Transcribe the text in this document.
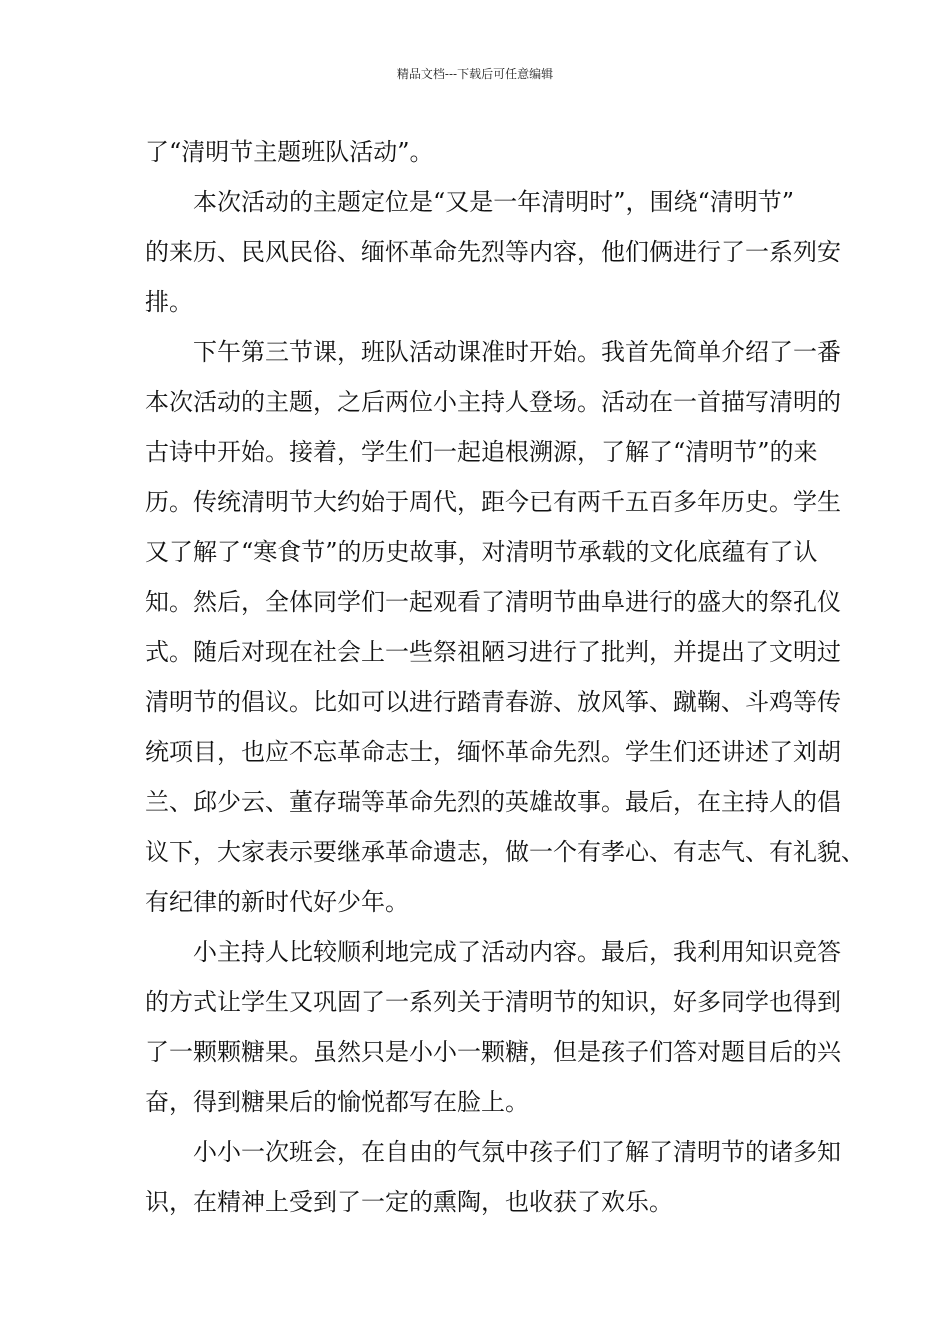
精品文档---下载后可任意编辑
了“清明节主题班队活动”。
本次活动的主题定位是“又是一年清明时”，围绕“清明节”
的来历、民风民俗、缅怀革命先烈等内容，他们俩进行了一系列安
排。
下午第三节课，班队活动课准时开始。我首先简单介绍了一番
本次活动的主题，之后两位小主持人登场。活动在一首描写清明的
古诗中开始。接着，学生们一起追根溯源，了解了“清明节”的来
历。传统清明节大约始于周代，距今已有两千五百多年历史。学生
又了解了“寒食节”的历史故事，对清明节承载的文化底蕴有了认
知。然后，全体同学们一起观看了清明节曲阜进行的盛大的祭孔仪
式。随后对现在社会上一些祭祖陋习进行了批判，并提出了文明过
清明节的倡议。比如可以进行踏青春游、放风筝、蹴鞠、斗鸡等传
统项目，也应不忘革命志士，缅怀革命先烈。学生们还讲述了刘胡
兰、邱少云、董存瑞等革命先烈的英雄故事。最后，在主持人的倡
议下，大家表示要继承革命遗志，做一个有孝心、有志气、有礼貌、
有纪律的新时代好少年。
小主持人比较顺利地完成了活动内容。最后，我利用知识竞答
的方式让学生又巩固了一系列关于清明节的知识，好多同学也得到
了一颗颗糖果。虽然只是小小一颗糖，但是孩子们答对题目后的兴
奋，得到糖果后的愉悦都写在脸上。
小小一次班会，在自由的气氛中孩子们了解了清明节的诸多知
识，在精神上受到了一定的熏陶，也收获了欢乐。
